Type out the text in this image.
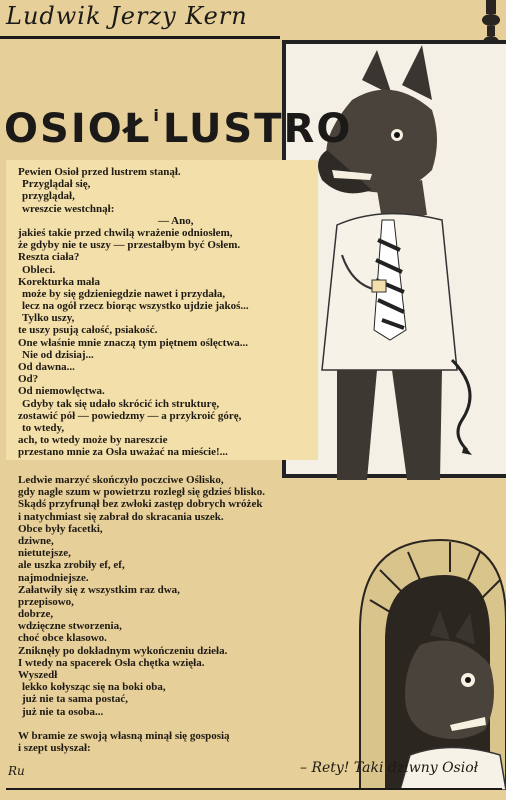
Ludwik Jerzy Kern
OSIOŁ $^i$LUSTRO
Pewien Osioł przed lustrem stanął.
Przyglądał się,
przyglądał,
wreszcie westchnął:
— Ano,
jakieś takie przed chwilą wrażenie odniosłem,
że gdyby nie te uszy — przestałbym być Osłem.
Reszta ciała?
Obleci.
Korekturka mała
może by się gdzieniegdzie nawet i przydała,
lecz na ogół rzecz biorąc wszystko ujdzie jakoś...
Tylko uszy,
te uszy psują całość, psiakość.
One właśnie mnie znaczą tym piętnem oślęctwa...
Nie od dzisiaj...
Od dawna...
Od?
Od niemowlęctwa.
Gdyby tak się udało skrócić ich strukturę,
zostawić pół — powiedzmy — a przykroić górę,
to wtedy,
ach, to wtedy może by nareszcie
przestano mnie za Osła uważać na mieście!...
Ledwie marzyć skończyło poczciwe Oślisko,
gdy nagle szum w powietrzu rozległ się gdzieś blisko.
Skądś przyfrunął bez zwłoki zastęp dobrych wróżek
i natychmiast się zabrał do skracania uszek.
Obce były facetki,
dziwne,
nietutejsze,
ale uszka zrobiły ef, ef,
najmodniejsze.
Załatwiły się z wszystkim raz dwa,
przepisowo,
dobrze,
wdzięczne stworzenia,
choć obce klasowo.
Zniknęły po dokładnym wykończeniu dzieła.
I wtedy na spacerek Osła chętka wzięła.
Wyszedł
lekko kołysząc się na boki oba,
już nie ta sama postać,
już nie ta osoba...
W bramie ze swoją własną minął się gosposią
i szept usłyszał:
Ru	– Rety! Taki dziwny Osioł
